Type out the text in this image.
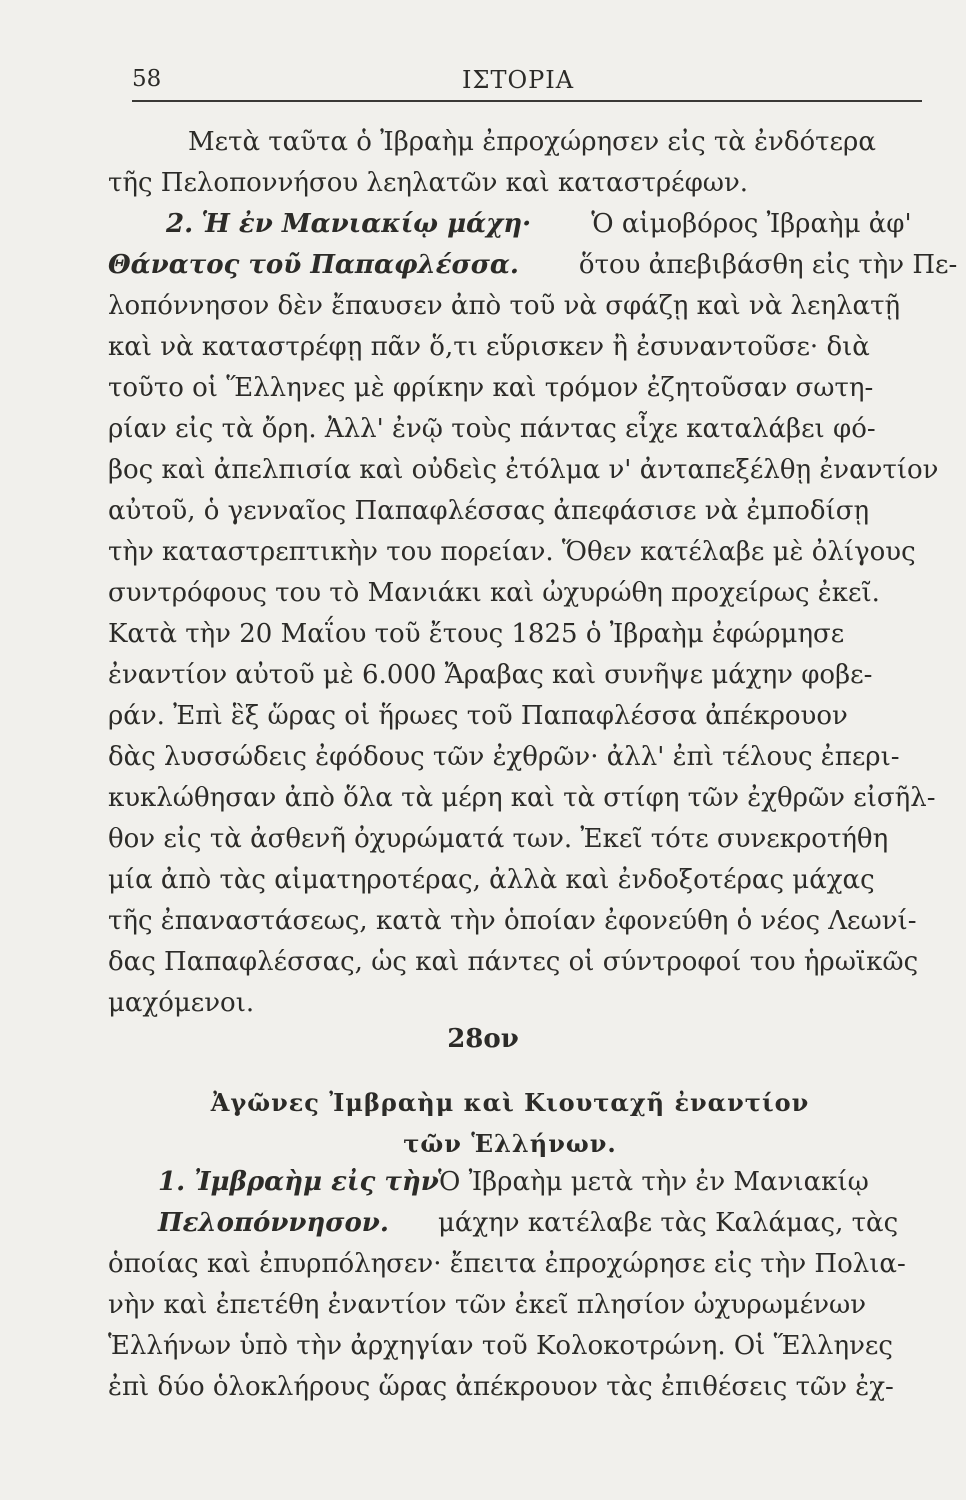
58	ΙΣΤΟΡΙΑ
Μετὰ ταῦτα ὁ Ἰβραὴμ ἐπροχώρησεν εἰς τὰ ἐνδότερα
τῆς Πελοποννήσου λεηλατῶν καὶ καταστρέφων.
2. Ἡ ἐν Μανιακίῳ μάχη· Ὁ αἱμοβόρος Ἰβραὴμ ἀφ'
Θάνατος τοῦ Παπαφλέσσα. ὅτου ἀπεβιβάσθη εἰς τὴν Πε-
λοπόννησον δὲν ἔπαυσεν ἀπὸ τοῦ νὰ σφάζῃ καὶ νὰ λεηλατῇ
καὶ νὰ καταστρέφῃ πᾶν ὅ,τι εὕρισκεν ἢ ἐσυναντοῦσε· διὰ
τοῦτο οἱ Ἕλληνες μὲ φρίκην καὶ τρόμον ἐζητοῦσαν σωτη-
ρίαν εἰς τὰ ὄρη. Ἀλλ' ἐνῷ τοὺς πάντας εἶχε καταλάβει φό-
βος καὶ ἀπελπισία καὶ οὐδεὶς ἐτόλμα ν' ἀνταπεξέλθῃ ἐναντίον
αὐτοῦ, ὁ γενναῖος Παπαφλέσσας ἀπεφάσισε νὰ ἐμποδίσῃ
τὴν καταστρεπτικὴν του πορείαν. Ὅθεν κατέλαβε μὲ ὀλίγους
συντρόφους του τὸ Μανιάκι καὶ ὠχυρώθη προχείρως ἐκεῖ.
Κατὰ τὴν 20 Μαΐου τοῦ ἔτους 1825 ὁ Ἰβραὴμ ἐφώρμησε
ἐναντίον αὐτοῦ μὲ 6.000 Ἄραβας καὶ συνῆψε μάχην φοβε-
ράν. Ἐπὶ ἓξ ὥρας οἱ ἥρωες τοῦ Παπαφλέσσα ἀπέκρουον
δὰς λυσσώδεις ἐφόδους τῶν ἐχθρῶν· ἀλλ' ἐπὶ τέλους ἐπερι-
κυκλώθησαν ἀπὸ ὅλα τὰ μέρη καὶ τὰ στίφη τῶν ἐχθρῶν εἰσῆλ-
θον εἰς τὰ ἀσθενῆ ὀχυρώματά των. Ἐκεῖ τότε συνεκροτήθη
μία ἀπὸ τὰς αἱματηροτέρας, ἀλλὰ καὶ ἐνδοξοτέρας μάχας
τῆς ἐπαναστάσεως, κατὰ τὴν ὁποίαν ἐφονεύθη ὁ νέος Λεωνί-
δας Παπαφλέσσας, ὡς καὶ πάντες οἱ σύντροφοί του ἡρωϊκῶς
μαχόμενοι.
28ον
Ἀγῶνες Ἰμβραὴμ καὶ Κιουταχῆ ἐναντίον
τῶν Ἑλλήνων.
1. Ἰμβραὴμ εἰς τὴνὉ Ἰβραὴμ μετὰ τὴν ἐν Μανιακίῳ
Πελοπόννησον. μάχην κατέλαβε τὰς Καλάμας, τὰς
ὁποίας καὶ ἐπυρπόλησεν· ἔπειτα ἐπροχώρησε εἰς τὴν Πολια-
νὴν καὶ ἐπετέθη ἐναντίον τῶν ἐκεῖ πλησίον ὠχυρωμένων
Ἑλλήνων ὑπὸ τὴν ἀρχηγίαν τοῦ Κολοκοτρώνη. Οἱ Ἕλληνες
ἐπὶ δύο ὁλοκλήρους ὥρας ἀπέκρουον τὰς ἐπιθέσεις τῶν ἐχ-
